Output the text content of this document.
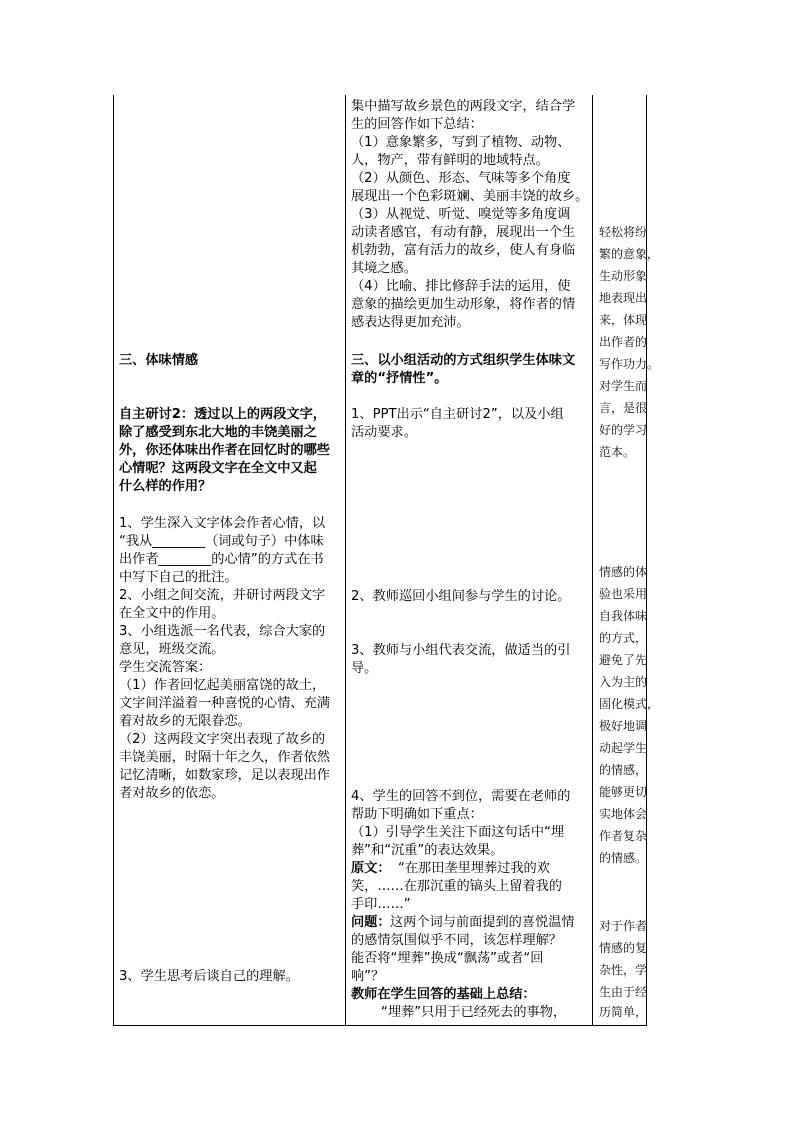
三、体味情感
自主研讨2：透过以上的两段文字，
除了感受到东北大地的丰饶美丽之
外，你还体味出作者在回忆时的哪些
心情呢？这两段文字在全文中又起
什么样的作用？
1、学生深入文字体会作者心情，以
“我从________（词或句子）中体味
出作者________的心情”的方式在书
中写下自己的批注。
2、小组之间交流，并研讨两段文字
在全文中的作用。
3、小组选派一名代表，综合大家的
意见，班级交流。
学生交流答案：
（1）作者回忆起美丽富饶的故土，
文字间洋溢着一种喜悦的心情、充满
着对故乡的无限眷恋。
（2）这两段文字突出表现了故乡的
丰饶美丽，时隔十年之久，作者依然
记忆清晰，如数家珍，足以表现出作
者对故乡的依恋。
3、学生思考后谈自己的理解。
集中描写故乡景色的两段文字，结合学
生的回答作如下总结：
（1）意象繁多，写到了植物、动物、
人，物产，带有鲜明的地域特点。
（2）从颜色、形态、气味等多个角度
展现出一个色彩斑斓、美丽丰饶的故乡。
（3）从视觉、听觉、嗅觉等多角度调
动读者感官，有动有静，展现出一个生
机勃勃，富有活力的故乡，使人有身临
其境之感。
（4）比喻、排比修辞手法的运用，使
意象的描绘更加生动形象，将作者的情
感表达得更加充沛。
三、以小组活动的方式组织学生体味文
章的“抒情性”。
1、PPT出示“自主研讨2”，以及小组
活动要求。
2、教师巡回小组间参与学生的讨论。
3、教师与小组代表交流，做适当的引
导。
4、学生的回答不到位，需要在老师的
帮助下明确如下重点：
（1）引导学生关注下面这句话中“埋
葬”和“沉重”的表达效果。
原文： “在那田垄里埋葬过我的欢
笑，……在那沉重的镐头上留着我的
手印……”
问题： 这两个词与前面提到的喜悦温情
的感情氛围似乎不同，该怎样理解？
能否将“埋葬”换成“飘荡”或者“回
响”？
教师在学生回答的基础上总结：
“埋葬”只用于已经死去的事物，
轻松将纷
繁的意象，
生动形象
地表现出
来，体现
出作者的
写作功力。
对学生而
言，是很
好的学习
范本。
情感的体
验也采用
自我体味
的方式，
避免了先
入为主的
固化模式，
极好地调
动起学生
的情感，
能够更切
实地体会
作者复杂
的情感。
对于作者
情感的复
杂性，学
生由于经
历简单，
